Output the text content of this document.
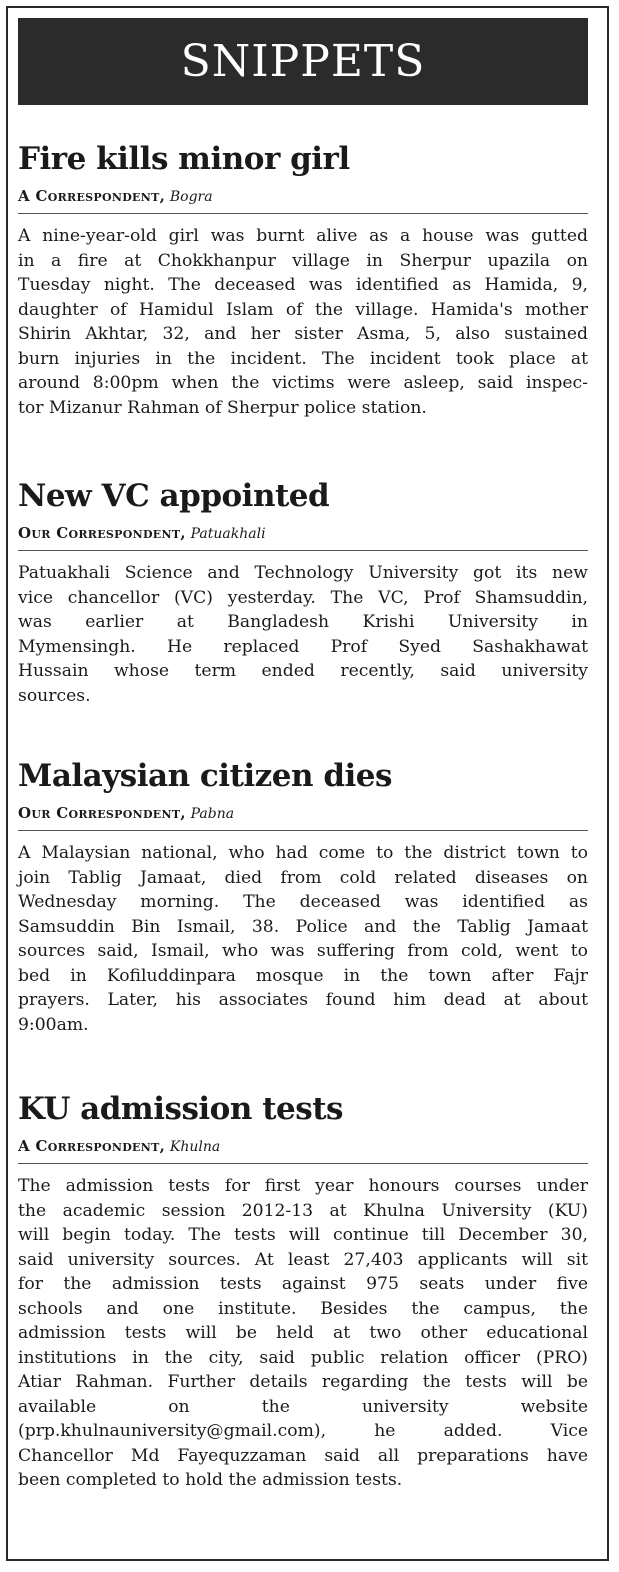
SNIPPETS
Fire kills minor girl
A Correspondent, Bogra
A nine-year-old girl was burnt alive as a house was gutted
in a fire at Chokkhanpur village in Sherpur upazila on
Tuesday night. The deceased was identified as Hamida, 9,
daughter of Hamidul Islam of the village. Hamida's mother
Shirin Akhtar, 32, and her sister Asma, 5, also sustained
burn injuries in the incident. The incident took place at
around 8:00pm when the victims were asleep, said inspec-
tor Mizanur Rahman of Sherpur police station.
New VC appointed
Our Correspondent, Patuakhali
Patuakhali Science and Technology University got its new
vice chancellor (VC) yesterday. The VC, Prof Shamsuddin,
was earlier at Bangladesh Krishi University in
Mymensingh. He replaced Prof Syed Sashakhawat
Hussain whose term ended recently, said university
sources.
Malaysian citizen dies
Our Correspondent, Pabna
A Malaysian national, who had come to the district town to
join Tablig Jamaat, died from cold related diseases on
Wednesday morning. The deceased was identified as
Samsuddin Bin Ismail, 38. Police and the Tablig Jamaat
sources said, Ismail, who was suffering from cold, went to
bed in Kofiluddinpara mosque in the town after Fajr
prayers. Later, his associates found him dead at about
9:00am.
KU admission tests
A Correspondent, Khulna
The admission tests for first year honours courses under
the academic session 2012-13 at Khulna University (KU)
will begin today. The tests will continue till December 30,
said university sources. At least 27,403 applicants will sit
for the admission tests against 975 seats under five
schools and one institute. Besides the campus, the
admission tests will be held at two other educational
institutions in the city, said public relation officer (PRO)
Atiar Rahman. Further details regarding the tests will be
available on the university website
(prp.khulnauniversity@gmail.com), he added. Vice
Chancellor Md Fayequzzaman said all preparations have
been completed to hold the admission tests.
